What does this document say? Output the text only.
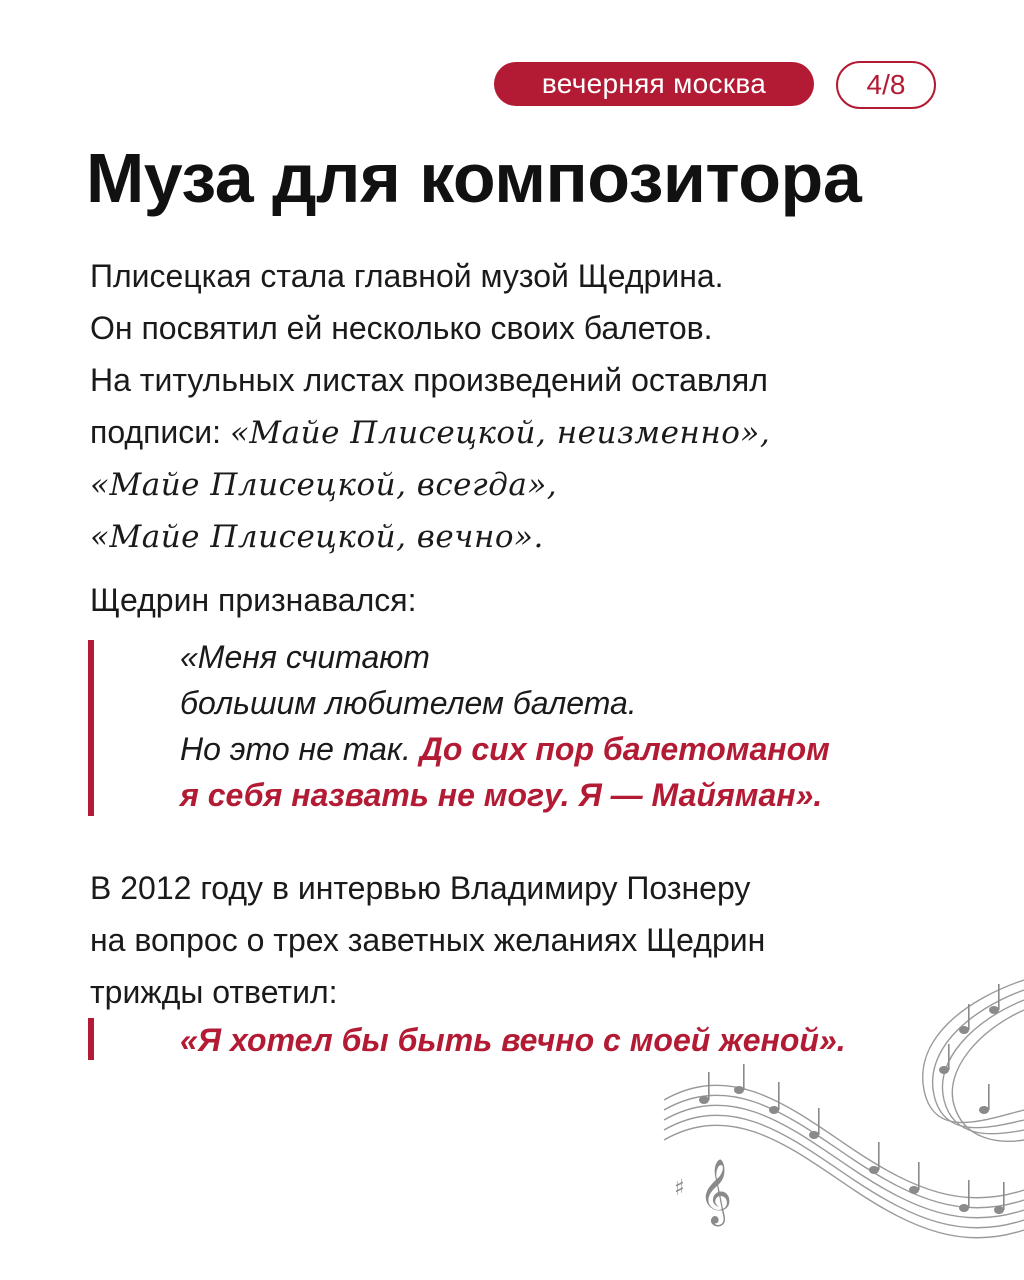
вечерняя москва	4/8
Муза для композитора
Плисецкая стала главной музой Щедрина.
Он посвятил ей несколько своих балетов.
На титульных листах произведений оставлял
подписи: «Майе Плисецкой, неизменно»,
«Майе Плисецкой, всегда»,
«Майе Плисецкой, вечно».
Щедрин признавался:
«Меня считают
большим любителем балета.
Но это не так. До сих пор балетоманом
я себя назвать не могу. Я — Майяман».
В 2012 году в интервью Владимиру Познеру
на вопрос о трех заветных желаниях Щедрин
трижды ответил:
«Я хотел бы быть вечно с моей женой».
𝄞
♯
